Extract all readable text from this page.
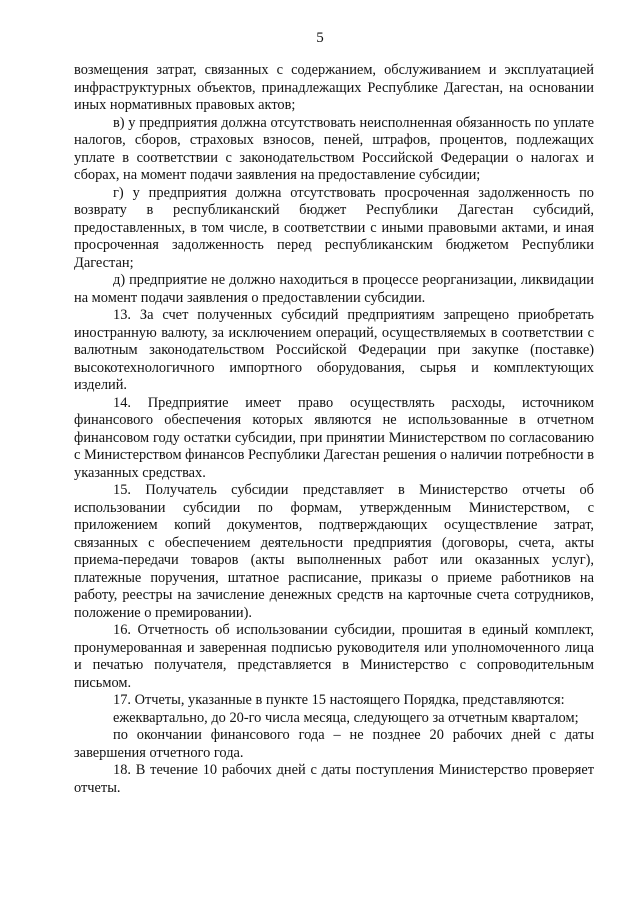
5

возмещения затрат, связанных с содержанием, обслуживанием и эксплуатацией инфраструктурных объектов, принадлежащих Республике Дагестан, на основании иных нормативных правовых актов;

в) у предприятия должна отсутствовать неисполненная обязанность по уплате налогов, сборов, страховых взносов, пеней, штрафов, процентов, подлежащих уплате в соответствии с законодательством Российской Федерации о налогах и сборах, на момент подачи заявления на предоставление субсидии;

г) у предприятия должна отсутствовать просроченная задолженность по возврату в республиканский бюджет Республики Дагестан субсидий, предоставленных, в том числе, в соответствии с иными правовыми актами, и иная просроченная задолженность перед республиканским бюджетом Республики Дагестан;

д) предприятие не должно находиться в процессе реорганизации, ликвидации на момент подачи заявления о предоставлении субсидии.

13. За счет полученных субсидий предприятиям запрещено приобретать иностранную валюту, за исключением операций, осуществляемых в соответствии с валютным законодательством Российской Федерации при закупке (поставке) высокотехнологичного импортного оборудования, сырья и комплектующих изделий.

14. Предприятие имеет право осуществлять расходы, источником финансового обеспечения которых являются не использованные в отчетном финансовом году остатки субсидии, при принятии Министерством по согласованию с Министерством финансов Республики Дагестан решения о наличии потребности в указанных средствах.

15. Получатель субсидии представляет в Министерство отчеты об использовании субсидии по формам, утвержденным Министерством, с приложением копий документов, подтверждающих осуществление затрат, связанных с обеспечением деятельности предприятия (договоры, счета, акты приема-передачи товаров (акты выполненных работ или оказанных услуг), платежные поручения, штатное расписание, приказы о приеме работников на работу, реестры на зачисление денежных средств на карточные счета сотрудников, положение о премировании).

16. Отчетность об использовании субсидии, прошитая в единый комплект, пронумерованная и заверенная подписью руководителя или уполномоченного лица и печатью получателя, представляется в Министерство с сопроводительным письмом.

17. Отчеты, указанные в пункте 15 настоящего Порядка, представляются:

ежеквартально, до 20-го числа месяца, следующего за отчетным кварталом;

по окончании финансового года – не позднее 20 рабочих дней с даты завершения отчетного года.

18. В течение 10 рабочих дней с даты поступления Министерство проверяет отчеты.
